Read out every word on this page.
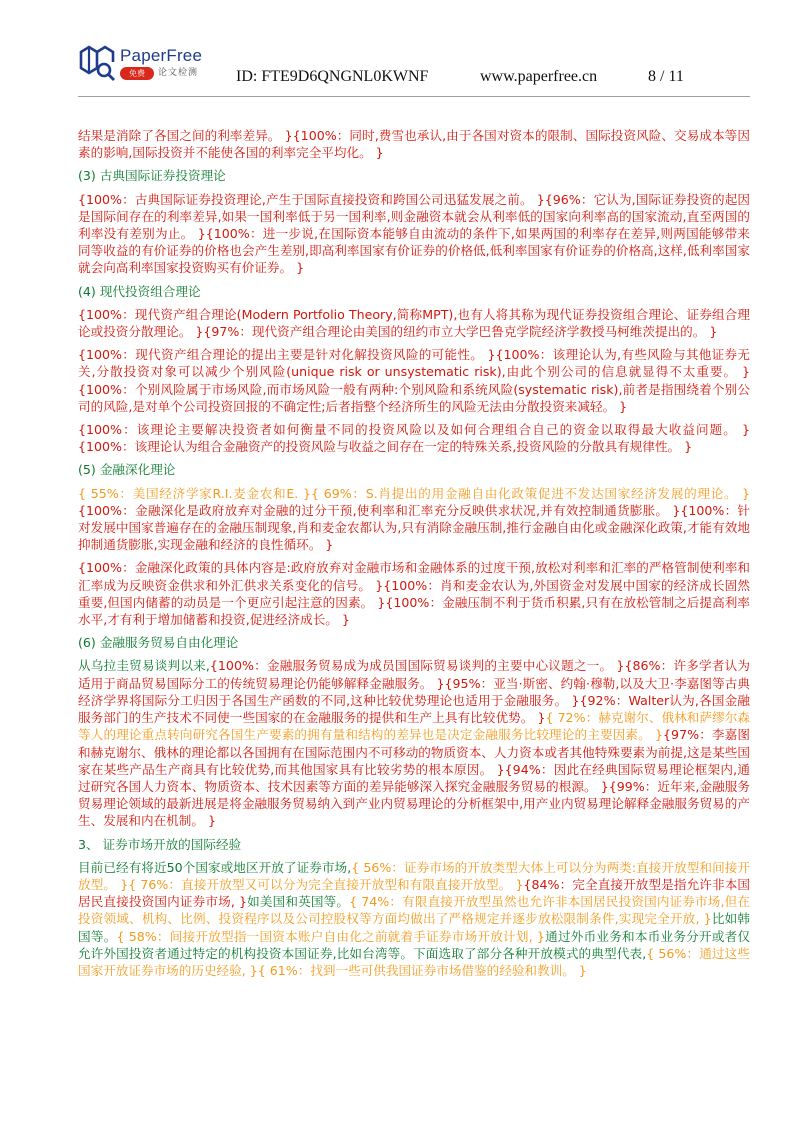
PaperFree
免费	论文检测 ID: FTE9D6QNGNL0KWNF	www.paperfree.cn	8 / 11
结果是消除了各国之间的利率差异。 }{100%：同时,费雪也承认,由于各国对资本的限制、国际投资风险、交易成本等因素的影响,国际投资并不能使各国的利率完全平均化。 }
(3) 古典国际证券投资理论
{100%：古典国际证券投资理论,产生于国际直接投资和跨国公司迅猛发展之前。 }{96%：它认为,国际证券投资的起因是国际间存在的利率差异,如果一国利率低于另一国利率,则金融资本就会从利率低的国家向利率高的国家流动,直至两国的利率没有差别为止。 }{100%：进一步说,在国际资本能够自由流动的条件下,如果两国的利率存在差异,则两国能够带来同等收益的有价证券的价格也会产生差别,即高利率国家有价证券的价格低,低利率国家有价证券的价格高,这样,低利率国家就会向高利率国家投资购买有价证券。 }
(4) 现代投资组合理论
{100%：现代资产组合理论(Modern Portfolio Theory,简称MPT),也有人将其称为现代证券投资组合理论、证券组合理论或投资分散理论。 }{97%：现代资产组合理论由美国的纽约市立大学巴鲁克学院经济学教授马柯维茨提出的。 }
{100%：现代资产组合理论的提出主要是针对化解投资风险的可能性。 }{100%：该理论认为,有些风险与其他证券无关,分散投资对象可以减少个别风险(unique risk or unsystematic risk),由此个别公司的信息就显得不太重要。 }{100%：个别风险属于市场风险,而市场风险一般有两种:个别风险和系统风险(systematic risk),前者是指围绕着个别公司的风险,是对单个公司投资回报的不确定性;后者指整个经济所生的风险无法由分散投资来减轻。 }
{100%：该理论主要解决投资者如何衡量不同的投资风险以及如何合理组合自己的资金以取得最大收益问题。 }{100%：该理论认为组合金融资产的投资风险与收益之间存在一定的特殊关系,投资风险的分散具有规律性。 }
(5) 金融深化理论
{ 55%：美国经济学家R.I.麦金农和E. }{ 69%：S.肖提出的用金融自由化政策促进不发达国家经济发展的理论。 }{100%：金融深化是政府放弃对金融的过分干预,使利率和汇率充分反映供求状况,并有效控制通货膨胀。 }{100%：针对发展中国家普遍存在的金融压制现象,肖和麦金农都认为,只有消除金融压制,推行金融自由化或金融深化政策,才能有效地抑制通货膨胀,实现金融和经济的良性循环。 }
{100%：金融深化政策的具体内容是:政府放弃对金融市场和金融体系的过度干预,放松对利率和汇率的严格管制使利率和汇率成为反映资金供求和外汇供求关系变化的信号。 }{100%：肖和麦金农认为,外国资金对发展中国家的经济成长固然重要,但国内储蓄的动员是一个更应引起注意的因素。 }{100%：金融压制不利于货币积累,只有在放松管制之后提高利率水平,才有利于增加储蓄和投资,促进经济成长。 }
(6) 金融服务贸易自由化理论
从乌拉圭贸易谈判以来,{100%：金融服务贸易成为成员国国际贸易谈判的主要中心议题之一。 }{86%：许多学者认为适用于商品贸易国际分工的传统贸易理论仍能够解释金融服务。 }{95%：亚当·斯密、约翰·穆勒,以及大卫·李嘉图等古典经济学界将国际分工归因于各国生产函数的不同,这种比较优势理论也适用于金融服务。 }{92%：Walter认为,各国金融服务部门的生产技术不同使一些国家的在金融服务的提供和生产上具有比较优势。 }{ 72%：赫克谢尔、俄林和萨缪尔森等人的理论重点转向研究各国生产要素的拥有量和结构的差异也是决定金融服务比较理论的主要因素。 }{97%：李嘉图和赫克谢尔、俄林的理论都以各国拥有在国际范围内不可移动的物质资本、人力资本或者其他特殊要素为前提,这是某些国家在某些产品生产商具有比较优势,而其他国家具有比较劣势的根本原因。 }{94%：因此在经典国际贸易理论框架内,通过研究各国人力资本、物质资本、技术因素等方面的差异能够深入探究金融服务贸易的根源。 }{99%：近年来,金融服务贸易理论领域的最新进展是将金融服务贸易纳入到产业内贸易理论的分析框架中,用产业内贸易理论解释金融服务贸易的产生、发展和内在机制。 }
3、 证券市场开放的国际经验
目前已经有将近50个国家或地区开放了证券市场,{ 56%：证券市场的开放类型大体上可以分为两类:直接开放型和间接开放型。 }{ 76%：直接开放型又可以分为完全直接开放型和有限直接开放型。 }{84%：完全直接开放型是指允许非本国居民直接投资国内证券市场, }如美国和英国等。{ 74%：有限直接开放型虽然也允许非本国居民投资国内证券市场,但在投资领域、机构、比例、投资程序以及公司控股权等方面均做出了严格规定并逐步放松限制条件,实现完全开放, }比如韩国等。{ 58%：间接开放型指一国资本账户自由化之前就着手证券市场开放计划, }通过外币业务和本币业务分开或者仅允许外国投资者通过特定的机构投资本国证券,比如台湾等。下面选取了部分各种开放模式的典型代表,{ 56%：通过这些国家开放证券市场的历史经验, }{ 61%：找到一些可供我国证券市场借鉴的经验和教训。 }
